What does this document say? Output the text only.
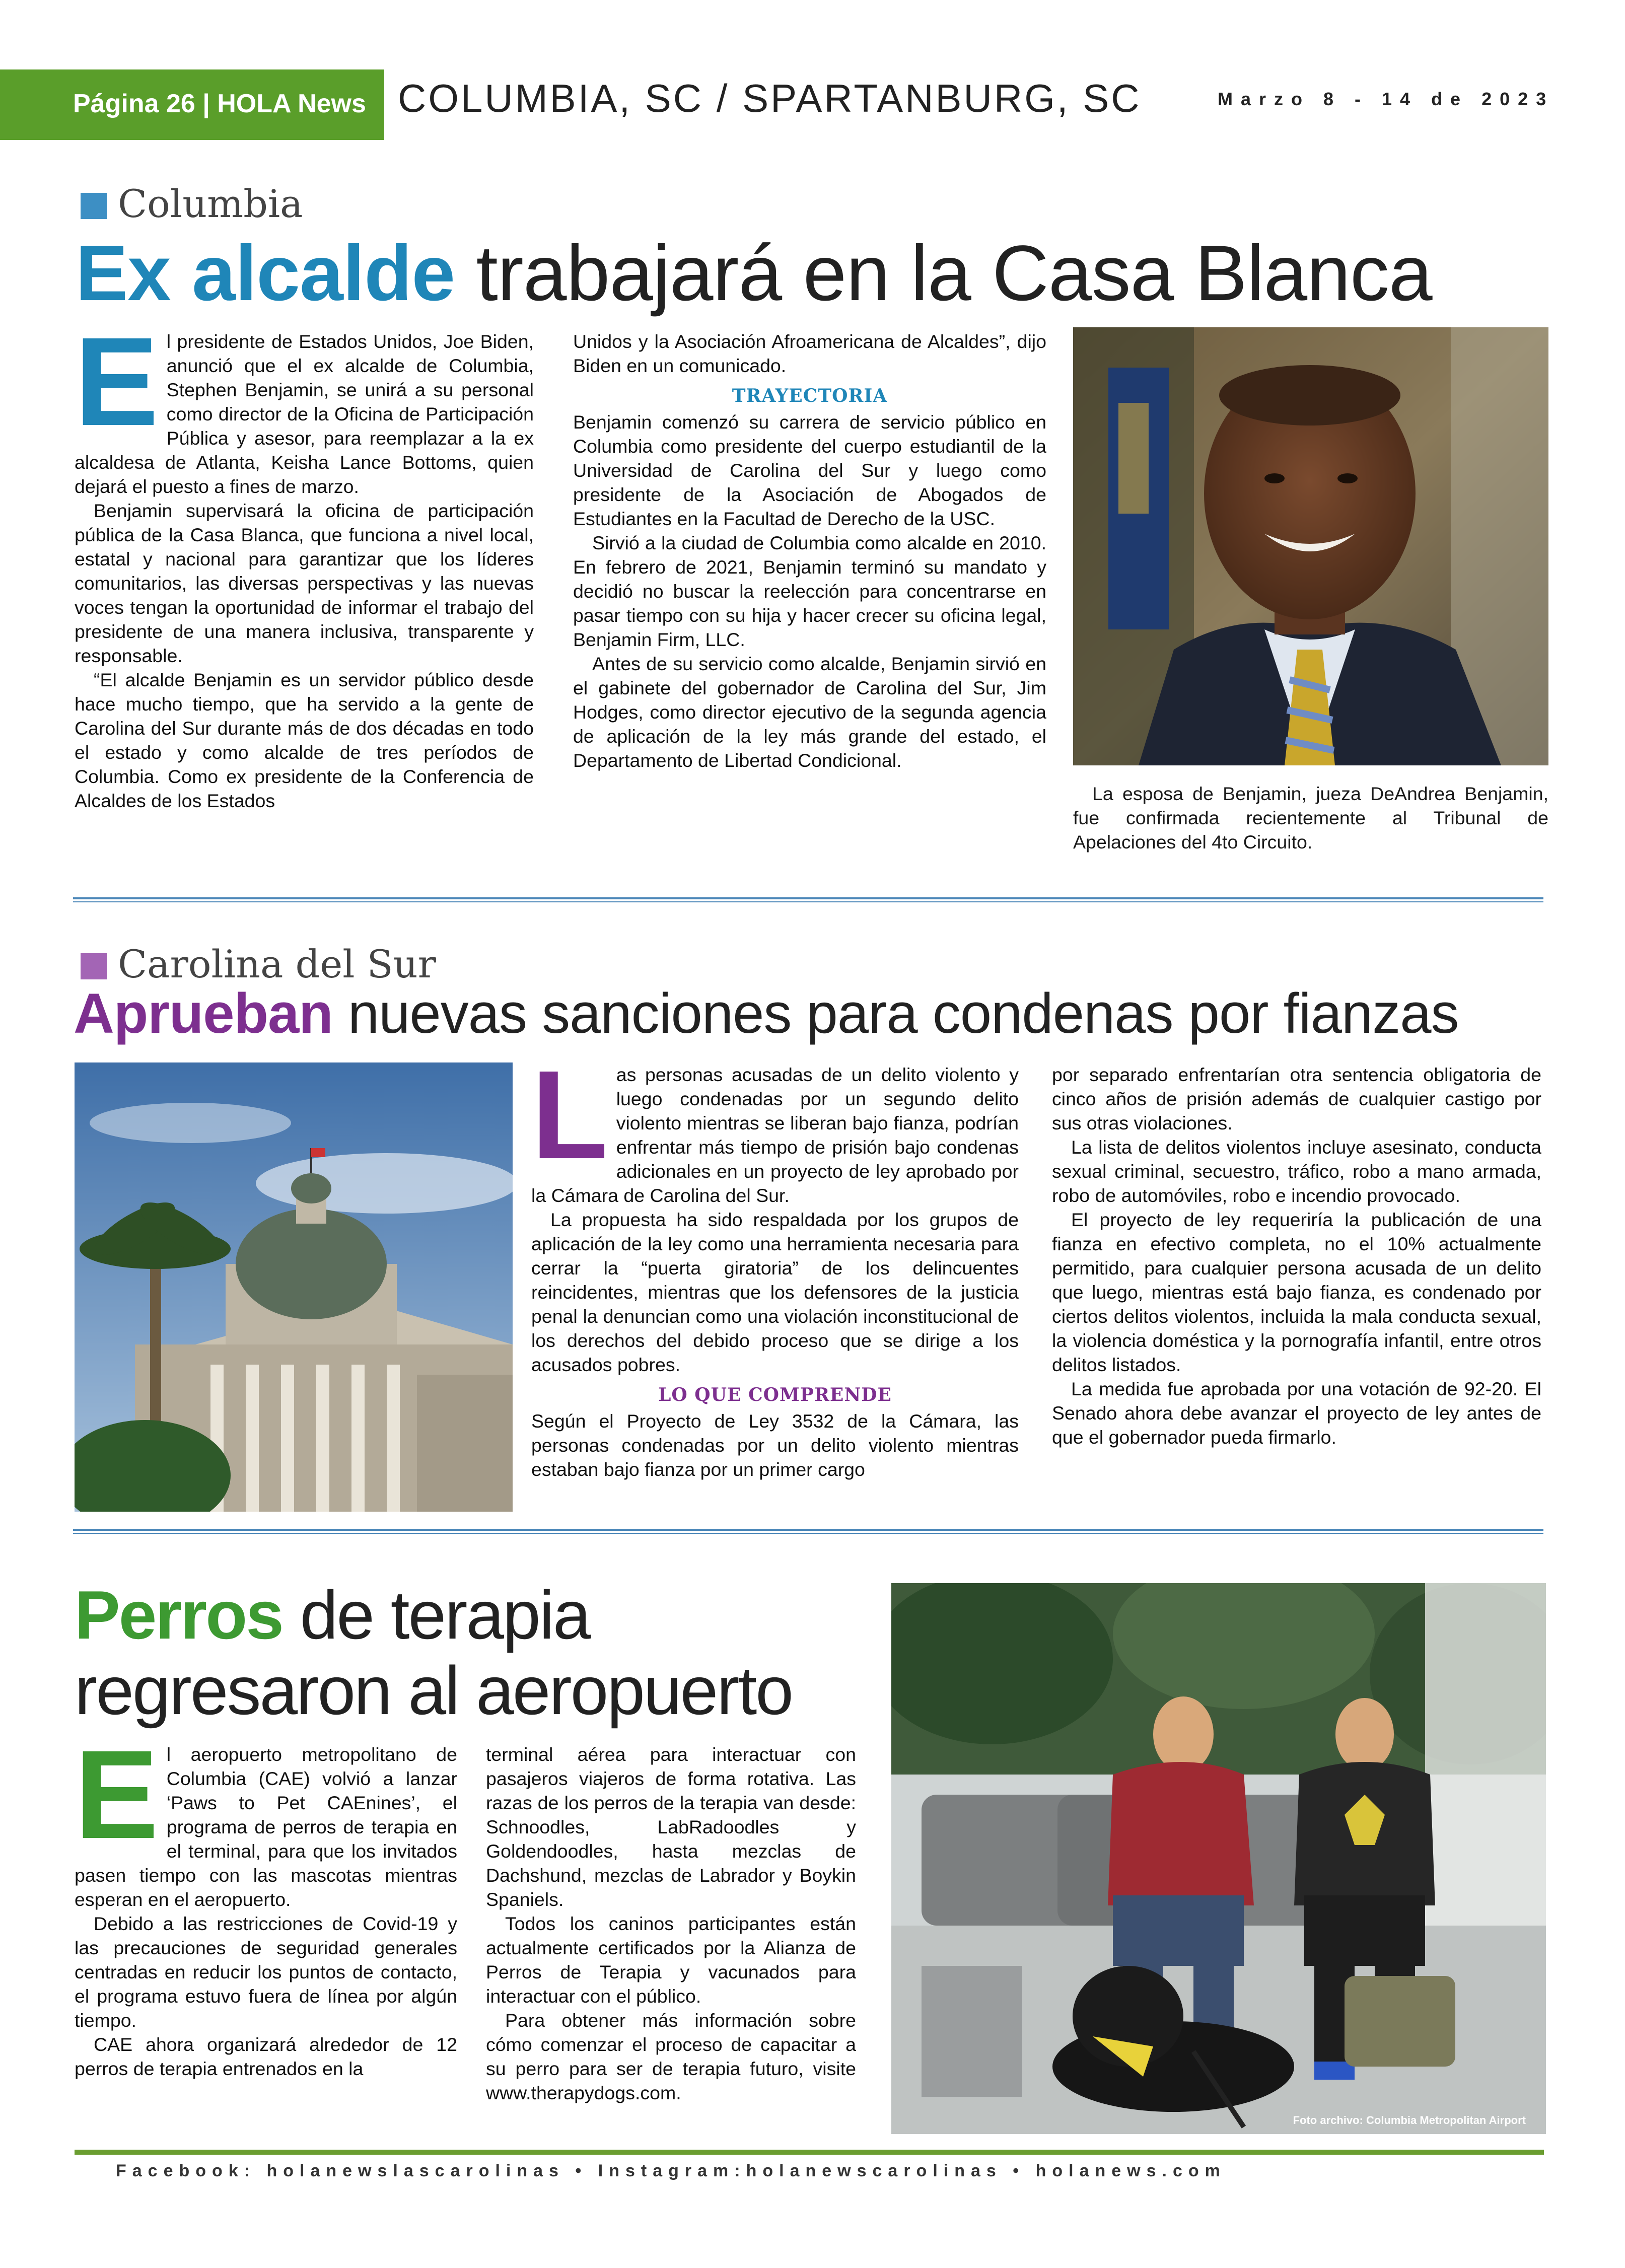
Página 26 | HOLA News COLUMBIA, SC / SPARTANBURG, SC	Marzo 8 - 14 de 2023
Columbia
Ex alcalde trabajará en la Casa Blanca
E l presidente de Estados Unidos, Joe Biden, anunció que el ex alcalde de Columbia, Stephen Benjamin, se unirá a su personal como director de la Oficina de Participación Pública y asesor, para reemplazar a la ex alcaldesa de Atlanta, Keisha Lance Bottoms, quien dejará el puesto a fines de marzo.

Benjamin supervisará la oficina de participación pública de la Casa Blanca, que funciona a nivel local, estatal y nacional para garantizar que los líderes comunitarios, las diversas perspectivas y las nuevas voces tengan la oportunidad de informar el trabajo del presidente de una manera inclusiva, transparente y responsable.

“El alcalde Benjamin es un servidor público desde hace mucho tiempo, que ha servido a la gente de Carolina del Sur durante más de dos décadas en todo el estado y como alcalde de tres períodos de Columbia. Como ex presidente de la Conferencia de Alcaldes de los Estados

Unidos y la Asociación Afroamericana de Alcaldes”, dijo Biden en un comunicado.

TRAYECTORIA

Benjamin comenzó su carrera de servicio público en Columbia como presidente del cuerpo estudiantil de la Universidad de Carolina del Sur y luego como presidente de la Asociación de Abogados de Estudiantes en la Facultad de Derecho de la USC.

Sirvió a la ciudad de Columbia como alcalde en 2010. En febrero de 2021, Benjamin terminó su mandato y decidió no buscar la reelección para concentrarse en pasar tiempo con su hija y hacer crecer su oficina legal, Benjamin Firm, LLC.

Antes de su servicio como alcalde, Benjamin sirvió en el gabinete del gobernador de Carolina del Sur, Jim Hodges, como director ejecutivo de la segunda agencia de aplicación de la ley más grande del estado, el Departamento de Libertad Condicional.

La esposa de Benjamin, jueza DeAndrea Benjamin, fue confirmada recientemente al Tribunal de Apelaciones del 4to Circuito.

Carolina del Sur
Aprueban nuevas sanciones para condenas por fianzas
L as personas acusadas de un delito violento y luego condenadas por un segundo delito violento mientras se liberan bajo fianza, podrían enfrentar más tiempo de prisión bajo condenas adicionales en un proyecto de ley aprobado por la Cámara de Carolina del Sur.

La propuesta ha sido respaldada por los grupos de aplicación de la ley como una herramienta necesaria para cerrar la “puerta giratoria” de los delincuentes reincidentes, mientras que los defensores de la justicia penal la denuncian como una violación inconstitucional de los derechos del debido proceso que se dirige a los acusados pobres.

LO QUE COMPRENDE

Según el Proyecto de Ley 3532 de la Cámara, las personas condenadas por un delito violento mientras estaban bajo fianza por un primer cargo

por separado enfrentarían otra sentencia obligatoria de cinco años de prisión además de cualquier castigo por sus otras violaciones.

La lista de delitos violentos incluye asesinato, conducta sexual criminal, secuestro, tráfico, robo a mano armada, robo de automóviles, robo e incendio provocado.

El proyecto de ley requeriría la publicación de una fianza en efectivo completa, no el 10% actualmente permitido, para cualquier persona acusada de un delito que luego, mientras está bajo fianza, es condenado por ciertos delitos violentos, incluida la mala conducta sexual, la violencia doméstica y la pornografía infantil, entre otros delitos listados.

La medida fue aprobada por una votación de 92-20. El Senado ahora debe avanzar el proyecto de ley antes de que el gobernador pueda firmarlo.

Perros de terapia
regresaron al aeropuerto
E l aeropuerto metropolitano de Columbia (CAE) volvió a lanzar ‘Paws to Pet CAEnines’, el programa de perros de terapia en el terminal, para que los invitados pasen tiempo con las mascotas mientras esperan en el aeropuerto.

Debido a las restricciones de Covid-19 y las precauciones de seguridad generales centradas en reducir los puntos de contacto, el programa estuvo fuera de línea por algún tiempo.

CAE ahora organizará alrededor de 12 perros de terapia entrenados en la

terminal aérea para interactuar con pasajeros viajeros de forma rotativa. Las razas de los perros de la terapia van desde: Schnoodles, LabRadoodles y Goldendoodles, hasta mezclas de Dachshund, mezclas de Labrador y Boykin Spaniels.

Todos los caninos participantes están actualmente certificados por la Alianza de Perros de Terapia y vacunados para interactuar con el público.

Para obtener más información sobre cómo comenzar el proceso de capacitar a su perro para ser de terapia futuro, visite www.therapydogs.com.

Foto archivo: Columbia Metropolitan Airport
Facebook: holanewslascarolinas • Instagram:holanewscarolinas • holanews.com
